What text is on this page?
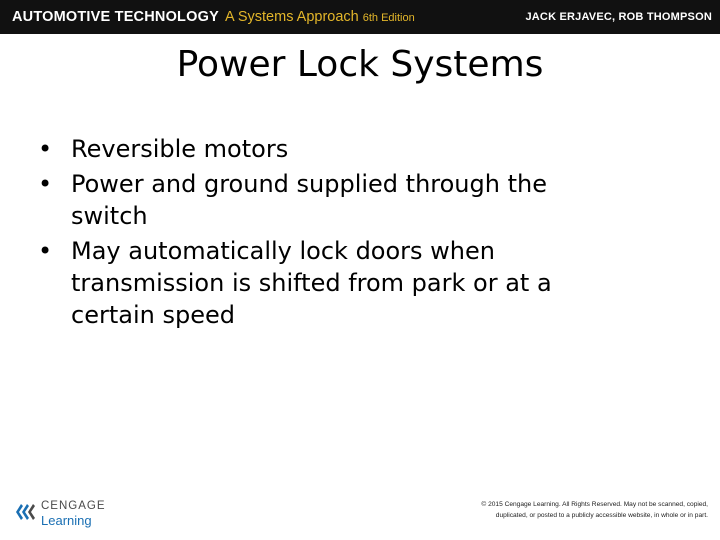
AUTOMOTIVE TECHNOLOGY A Systems Approach 6th Edition	JACK ERJAVEC, ROB THOMPSON
Power Lock Systems
• Reversible motors
• Power and ground supplied through the switch
• May automatically lock doors when transmission is shifted from park or at a certain speed
CENGAGE
Learning
© 2015 Cengage Learning. All Rights Reserved. May not be scanned, copied,
duplicated, or posted to a publicly accessible website, in whole or in part.
